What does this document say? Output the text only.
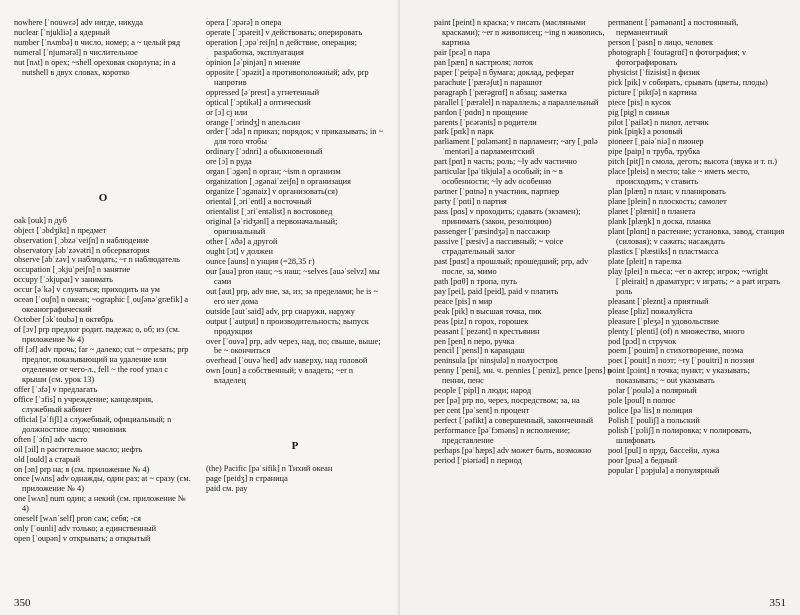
nowhere [ˈnouwɛə] adv нигде, никуда

nuclear [ˈnjukliə] a ядерный

number [ˈnʌmbə] n число, номер; a ~ целый ряд

numeral [ˈnjumərəl] n числительное

nut [nʌt] n opex; ~shell ореховая скорлупа; in a nutshell в двух словах, коротко

O

oak [ouk] n дуб

object [ˈɔbdʒikt] n предмет

observation [ˌɔbzəˈveiʃn] n наблюдение

observatory [əbˈzəvətri] n обсерватория

observe [əbˈzəv] v наблюдать; ~r n наблюдатель

occupation [ˌɔkjuˈpeiʃn] n занятие

occupy [ˈɔkjupaɪ] v занимать

occur [əˈkə] v случаться; приходить на ум

ocean [ˈouʃn] n океан; ~ographic [ˌouʃənəˈgræfik] a океанографический

October [ɔkˈtoubə] n октябрь

of [ɔv] prp предлог родит. падежа; о, об; из (см. приложение № 4)

off [ɔf] adv прочь; far ~ далеко; cut ~ отрезать; prp предлог, показывающий на удаление или отделение от чего-л., fell ~ the roof упал с крыши (см. урок 13)

offer [ˈɔfə] v предлагать

office [ˈɔfis] n учреждение; канцелярия, служебный кабинет

official [əˈfiʃl] a служебный, официальный; n должностное лицо; чиновник

often [ˈɔfn] adv часто

oil [ɔil] n растительное масло; нефть

old [ould] a старый

on [ɔn] prp на; в (см. приложение № 4)

once [wʌns] adv однажды, один раз; at ~ сразу (см. приложение № 4)

one [wʌn] num один; a некий (см. приложение № 4)

oneself [wʌnˈself] pron сам; себя; -ся

only [ˈounli] adv только; a единственный

open [ˈoupən] v открывать; a открытый

opera [ˈɔpərə] n опера

operate [ˈɔpəreit] v действовать; оперировать

operation [ˌɔpəˈreiʃn] n действие, операция; разработка, эксплуатация

opinion [əˈpinjən] n мнение

opposite [ˈɔpəzit] a противоположный; adv, prp напротив

oppressed [əˈprest] a угнетенный

optical [ˈɔptikəl] a оптический

or [ɔ] cj или

orange [ˈɔrindʒ] n апельсин

order [ˈɔdə] n приказ; порядок; v приказывать; in ~ для того чтобы

ordinary [ˈɔdnri] a обыкновенный

ore [ɔ] n руда

organ [ˈɔgən] n орган; ~ism n организм

organization [ˌɔgənaiˈzeiʃn] n организация

organize [ˈɔgənaiz] v организовать(ся)

oriental [ˌɔriˈentl] a восточный

orientalist [ˌɔriˈentəlist] n востоковед

original [əˈridʒənl] a первоначальный; оригинальный

other [ˈʌðə] a другой

ought [ɔt] v должен

ounce [auns] n унция (=28,35 г)

our [auə] pron наш; ~s наш; ~selves [auəˈselvz] мы сами

out [aut] prp, adv вне, за, из; за пределами; he is ~ его нет дома

outside [autˈsaid] adv, prp снаружи, наружу

output [ˈautput] n производительность; выпуск продукции

over [ˈouvə] prp, adv через, над, по; свыше, выше; be ~ окончиться

overhead [ˈouvəˈhed] adv наверху, над головой

own [oun] a собственный; v владеть; ~er n владелец

P

(the) Pacific [pəˈsifik] n Тихий океан

page [peidʒ] n страница

paid см. pay

350

paint [peint] n краска; v писать (масляными красками); ~er n живописец; ~ing n живопись, картина

pair [pɛə] n пара

pan [pæn] n кастрюля; лоток

paper [ˈpeipə] n бумага; доклад, реферат

parachute [ˈpærəʃut] n парашют

paragraph [ˈpærəgrɑf] n абзац; заметка

parallel [ˈpærəlel] n параллель; a параллельный

pardon [ˈpɑdn] n прощение

parents [ˈpɛərənts] n родители

park [pɑk] n парк

parliament [ˈpɑləmənt] n парламент; ~ary [ˌpɑləˈmentəri] a парламентский

part [pɑt] n часть; роль; ~ly adv частично

particular [pəˈtikjulə] a особый; in ~ в особенности; ~ly adv особенно

partner [ˈpɑtnə] n участник, партнер

party [ˈpɑti] n партия

pass [pɑs] v проходить; сдавать (экзамен); принимать (закон, резолюцию)

passenger [ˈpæsindʒə] n пассажир

passive [ˈpæsiv] a пассивный; ~ voice страдательный залог

past [pɑst] a прошлый; прошедший; prp, adv после, за, мимо

path [pɑθ] n тропа, путь

pay [pei], paid [peid], paid v платить

peace [pis] n мир

peak [pik] n высшая точка, пик

peas [piz] n горох, горошек

peasant [ˈpezənt] n крестьянин

pen [pen] n перо, ручка

pencil [ˈpensl] n карандаш

peninsula [pɪˈninsjulə] n полуостров

penny [ˈpeni], мн. ч. pennies [ˈpeniz], pence [pens] n пенни, пенс

people [ˈpipl] n люди; народ

per [pə] prp по, через, посредством; за, на

per cent [pəˈsent] n процент

perfect [ˈpəfikt] a совершенный, законченный

performance [pəˈfɔməns] n исполнение; представление

perhaps [pəˈhæps] adv может быть, возможно

period [ˈpiəriəd] n период

permanent [ˈpəmənənt] a постоянный, перманентный

person [ˈpəsn] n лицо, человек

photograph [ˈfoutəgrɑf] n фотография; v фотографировать

physicist [ˈfizisist] n физик

pick [pik] v собирать, срывать (цветы, плоды)

picture [ˈpiktʃə] n картина

piece [pis] n кусок

pig [pig] n свинья

pilot [ˈpailət] n пилот, летчик

pink [piŋk] a розовый

pioneer [ˌpaiəˈniə] n пионер

pipe [paip] n труба, трубка

pitch [pitʃ] n смола, деготь; высота (звука и т. п.)

place [pleis] n место; take ~ иметь место, происходить; v ставить

plan [plæn] n план; v планировать

plane [plein] n плоскость; самолет

planet [ˈplænit] n планета

plank [plæŋk] n доска, планка

plant [plɑnt] n растение; установка, завод, станция (силовая); v сажать; насаждать

plastics [ˈplæstiks] n пластмасса

plate [pleit] n тарелка

play [plei] n пьеса; ~er n актер; игрок; ~wright [ˈpleirait] n драматург; v играть; ~ a part играть роль

pleasant [ˈpleznt] a приятный

please [pliz] пожалуйста

pleasure [ˈpleʒə] n удовольствие

plenty [ˈplenti] (of) n множество, много

pod [pɔd] n стручок

poem [ˈpouim] n стихотворение, поэма

poet [ˈpouit] n поэт; ~ry [ˈpouitri] n поэзия

point [pɔint] n точка; пункт; v указывать; показывать; ~ out указывать

polar [ˈpoulə] a полярный

pole [poul] n полюс

police [pəˈlis] n полиция

Polish [ˈpouliʃ] a польский

polish [ˈpɔliʃ] n полировка; v полировать, шлифовать

pool [pul] n пруд, бассейн, лужа

poor [puə] a бедный

popular [ˈpɔpjulə] a популярный

351
